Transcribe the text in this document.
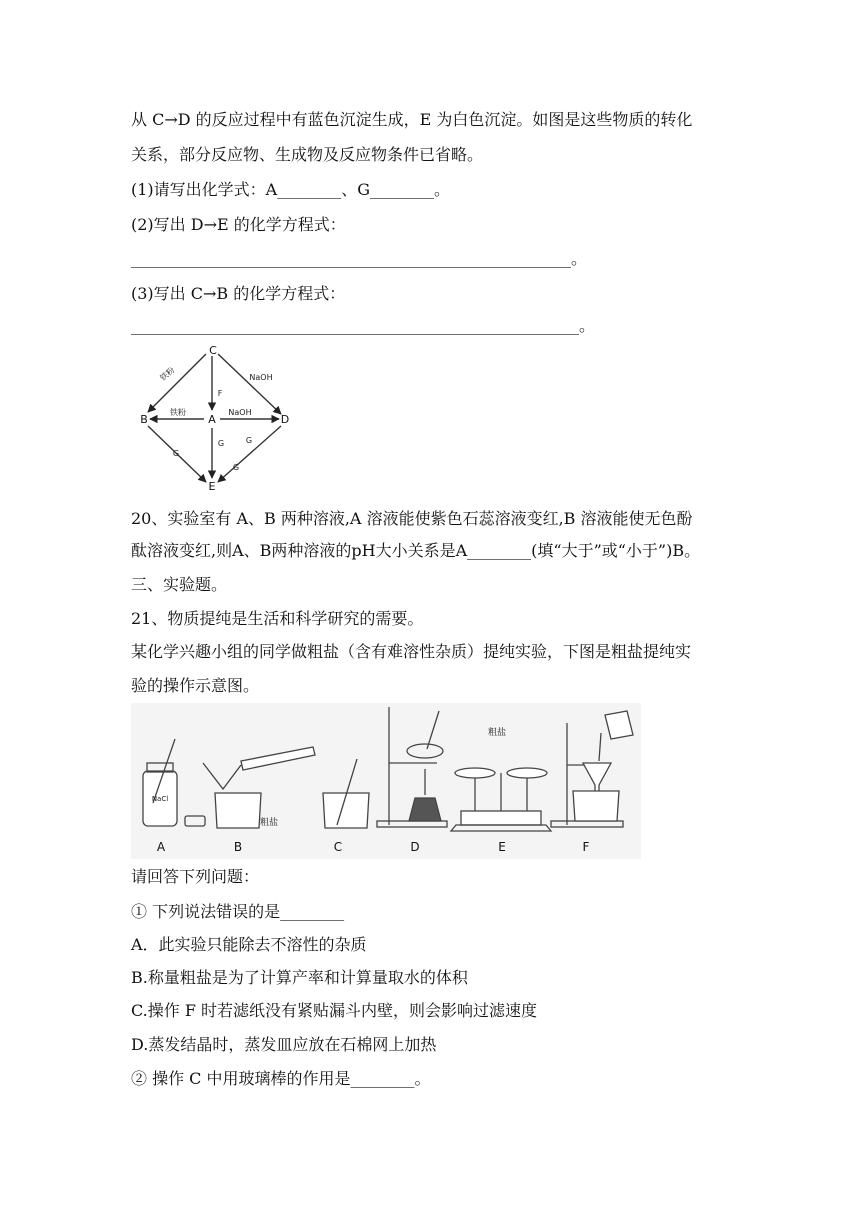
从 C→D 的反应过程中有蓝色沉淀生成，E 为白色沉淀。如图是这些物质的转化
关系，部分反应物、生成物及反应物条件已省略。
(1)请写出化学式：A________、G________。
(2)写出 D→E 的化学方程式：
_______________________________________________________。
(3)写出 C→B 的化学方程式：
________________________________________________________。
C
B	A	D
E
铁粉	NaOH
F
铁粉	NaOH
G
G	G
G
20、实验室有 A、B 两种溶液,A 溶液能使紫色石蕊溶液变红,B 溶液能使无色酚
酞溶液变红,则A、B两种溶液的pH大小关系是A________(填“大于”或“小于”)B。
三、实验题。
21、物质提纯是生活和科学研究的需要。
某化学兴趣小组的同学做粗盐（含有难溶性杂质）提纯实验，下图是粗盐提纯实
验的操作示意图。
NaCl
粗盐
粗盐
A	B	C	D	E	F
请回答下列问题：
① 下列说法错误的是________
A．此实验只能除去不溶性的杂质
B.称量粗盐是为了计算产率和计算量取水的体积
C.操作 F 时若滤纸没有紧贴漏斗内壁，则会影响过滤速度
D.蒸发结晶时，蒸发皿应放在石棉网上加热
② 操作 C 中用玻璃棒的作用是________。
